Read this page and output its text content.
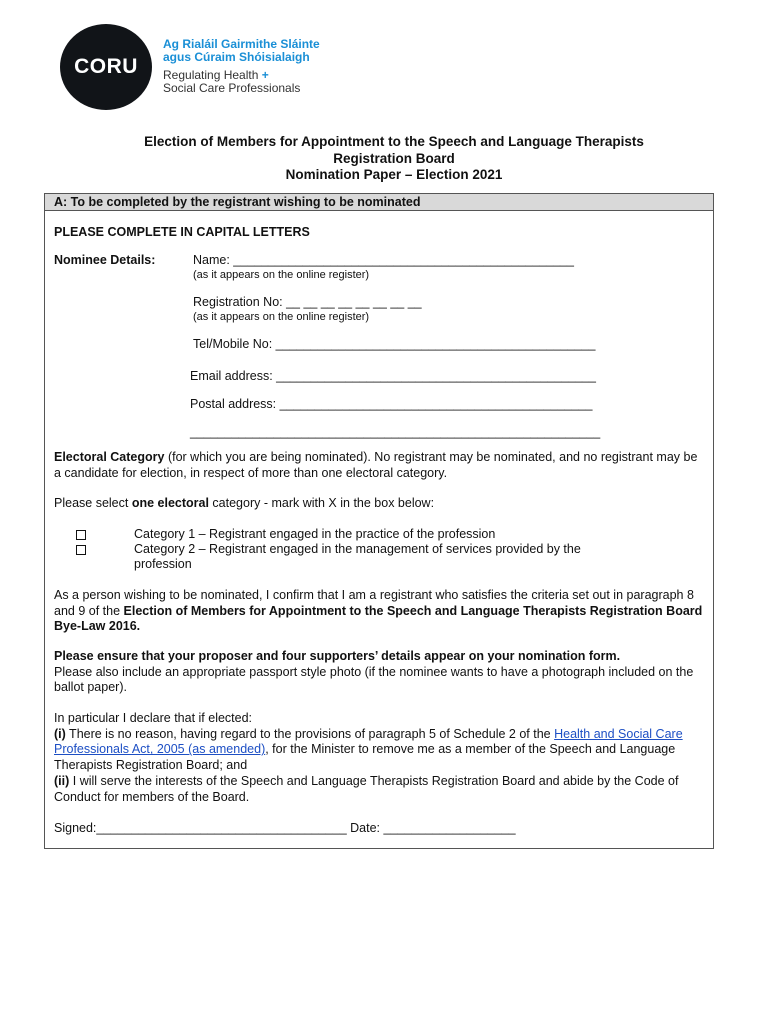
CORU
Ag Rialáil Gairmithe Sláinte
agus Cúraim Shóisialaigh
Regulating Health +
Social Care Professionals
Election of Members for Appointment to the Speech and Language Therapists
Registration Board
Nomination Paper – Election 2021
A: To be completed by the registrant wishing to be nominated
PLEASE COMPLETE IN CAPITAL LETTERS
Nominee Details:	Name: _________________________________________________
(as it appears on the online register)
Registration No: __ __ __ __ __ __ __ __
(as it appears on the online register)
Tel/Mobile No: ______________________________________________
Email address: ______________________________________________
Postal address: _____________________________________________
___________________________________________________________
Electoral Category (for which you are being nominated). No registrant may be nominated, and no registrant may be a candidate for election, in respect of more than one electoral category.
Please select one electoral category - mark with X in the box below:
Category 1 – Registrant engaged in the practice of the profession
Category 2 – Registrant engaged in the management of services provided by the
profession
As a person wishing to be nominated, I confirm that I am a registrant who satisfies the criteria set out in paragraph 8 and 9 of the Election of Members for Appointment to the Speech and Language Therapists Registration Board Bye-Law 2016.
Please ensure that your proposer and four supporters’ details appear on your nomination form.
Please also include an appropriate passport style photo (if the nominee wants to have a photograph included on the ballot paper).
In particular I declare that if elected:
(i) There is no reason, having regard to the provisions of paragraph 5 of Schedule 2 of the Health and Social Care Professionals Act, 2005 (as amended), for the Minister to remove me as a member of the Speech and Language Therapists Registration Board; and
(ii) I will serve the interests of the Speech and Language Therapists Registration Board and abide by the Code of Conduct for members of the Board.
Signed:____________________________________ Date: ___________________
